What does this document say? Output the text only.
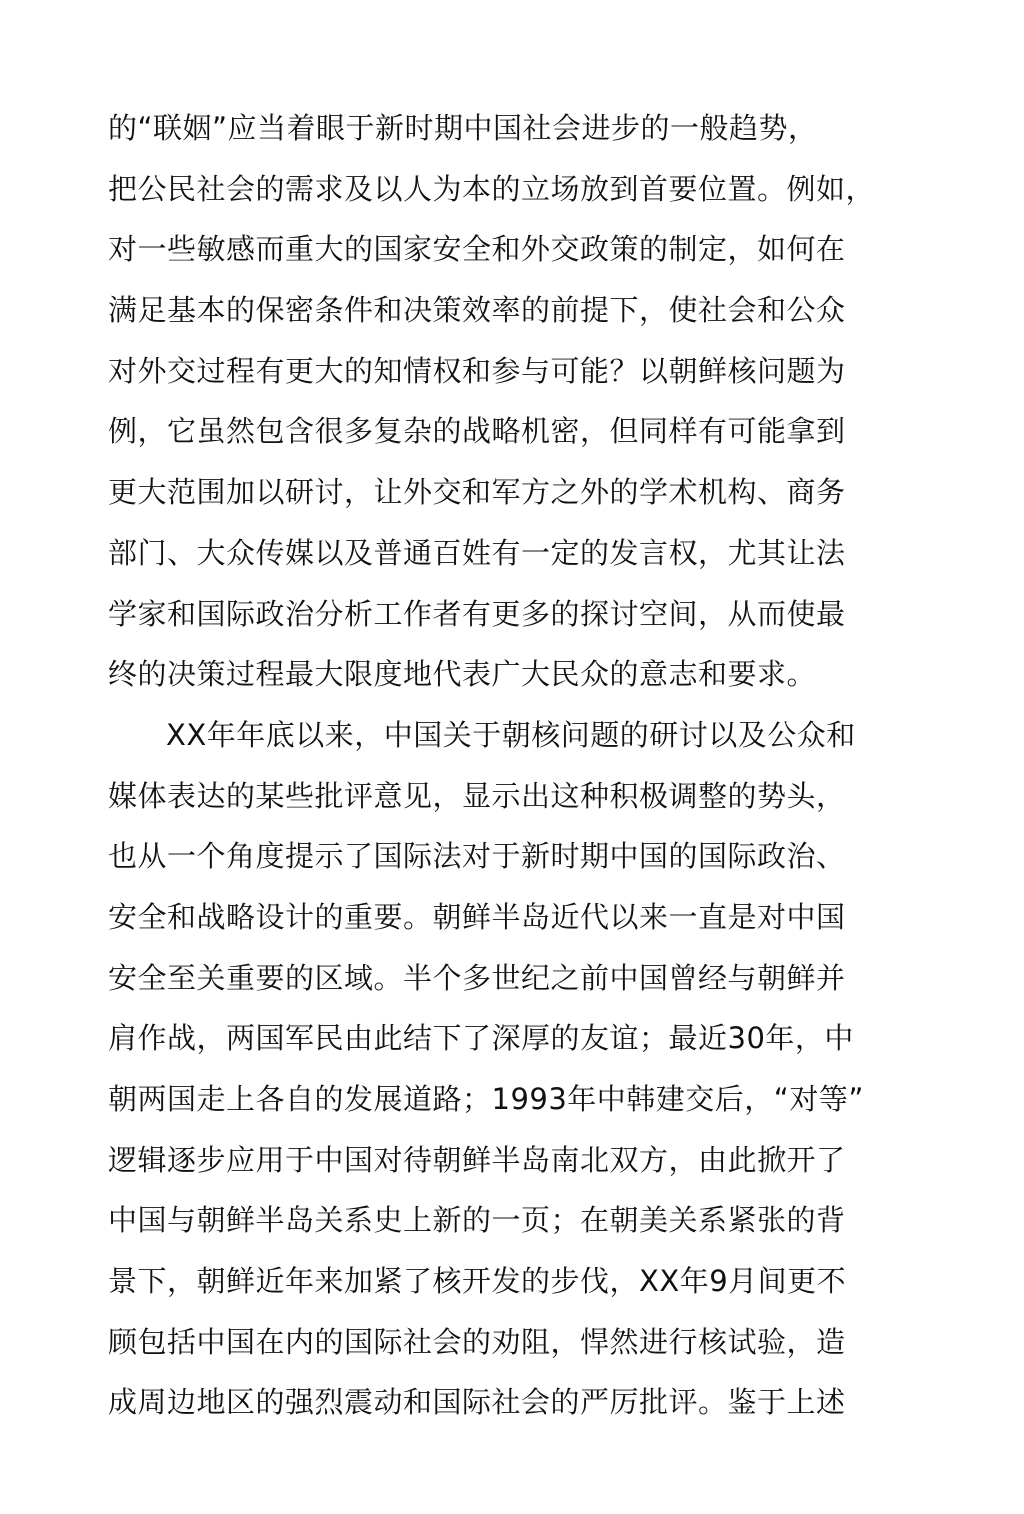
的“联姻”应当着眼于新时期中国社会进步的一般趋势，
把公民社会的需求及以人为本的立场放到首要位置。例如，
对一些敏感而重大的国家安全和外交政策的制定，如何在
满足基本的保密条件和决策效率的前提下，使社会和公众
对外交过程有更大的知情权和参与可能？以朝鲜核问题为
例，它虽然包含很多复杂的战略机密，但同样有可能拿到
更大范围加以研讨，让外交和军方之外的学术机构、商务
部门、大众传媒以及普通百姓有一定的发言权，尤其让法
学家和国际政治分析工作者有更多的探讨空间，从而使最
终的决策过程最大限度地代表广大民众的意志和要求。
XX年年底以来，中国关于朝核问题的研讨以及公众和
媒体表达的某些批评意见，显示出这种积极调整的势头，
也从一个角度提示了国际法对于新时期中国的国际政治、
安全和战略设计的重要。朝鲜半岛近代以来一直是对中国
安全至关重要的区域。半个多世纪之前中国曾经与朝鲜并
肩作战，两国军民由此结下了深厚的友谊；最近30年，中
朝两国走上各自的发展道路；1993年中韩建交后，“对等”
逻辑逐步应用于中国对待朝鲜半岛南北双方，由此掀开了
中国与朝鲜半岛关系史上新的一页；在朝美关系紧张的背
景下，朝鲜近年来加紧了核开发的步伐，XX年9月间更不
顾包括中国在内的国际社会的劝阻，悍然进行核试验，造
成周边地区的强烈震动和国际社会的严厉批评。鉴于上述
